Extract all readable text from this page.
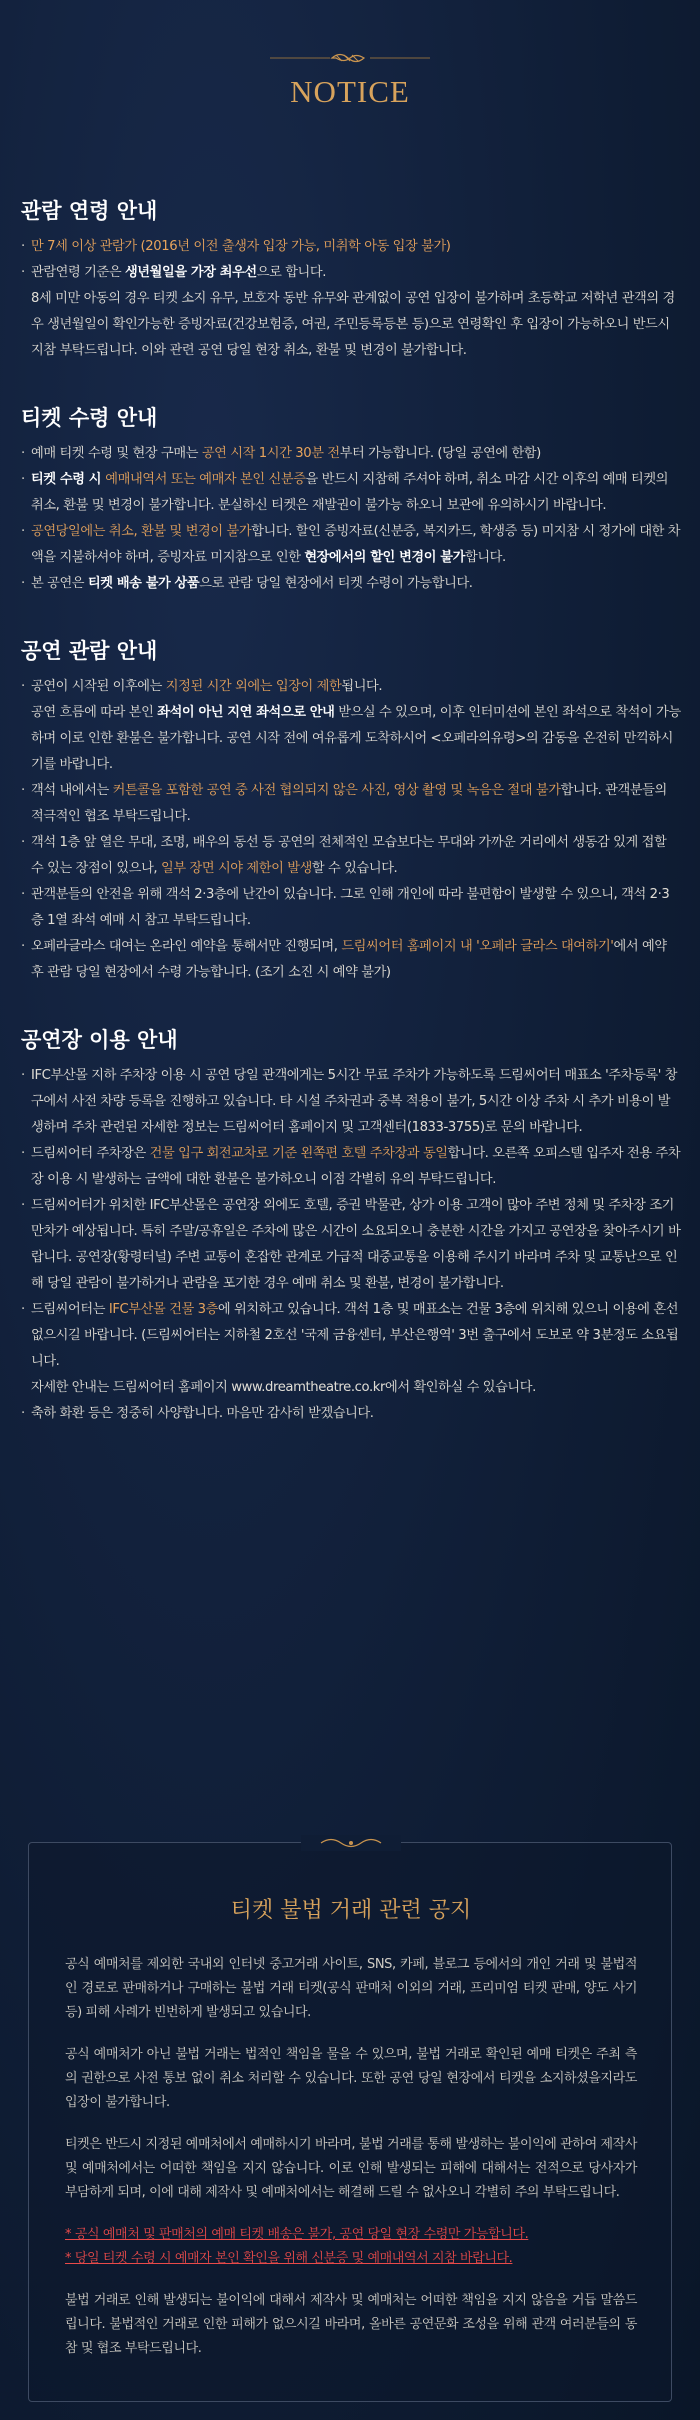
NOTICE
관람 연령 안내
· 만 7세 이상 관람가 (2016년 이전 출생자 입장 가능, 미취학 아동 입장 불가)
· 관람연령 기준은 생년월일을 가장 최우선으로 합니다.
8세 미만 아동의 경우 티켓 소지 유무, 보호자 동반 유무와 관계없이 공연 입장이 불가하며 초등학교 저학년 관객의 경우 생년월일이 확인가능한 증빙자료(건강보험증, 여권, 주민등록등본 등)으로 연령확인 후 입장이 가능하오니 반드시 지참 부탁드립니다. 이와 관련 공연 당일 현장 취소, 환불 및 변경이 불가합니다.
티켓 수령 안내
· 예매 티켓 수령 및 현장 구매는 공연 시작 1시간 30분 전부터 가능합니다. (당일 공연에 한함)
· 티켓 수령 시 예매내역서 또는 예매자 본인 신분증을 반드시 지참해 주셔야 하며, 취소 마감 시간 이후의 예매 티켓의 취소, 환불 및 변경이 불가합니다. 분실하신 티켓은 재발권이 불가능 하오니 보관에 유의하시기 바랍니다.
· 공연당일에는 취소, 환불 및 변경이 불가합니다. 할인 증빙자료(신분증, 복지카드, 학생증 등) 미지참 시 정가에 대한 차액을 지불하셔야 하며, 증빙자료 미지참으로 인한 현장에서의 할인 변경이 불가합니다.
· 본 공연은 티켓 배송 불가 상품으로 관람 당일 현장에서 티켓 수령이 가능합니다.
공연 관람 안내
· 공연이 시작된 이후에는 지정된 시간 외에는 입장이 제한됩니다.
공연 흐름에 따라 본인 좌석이 아닌 지연 좌석으로 안내 받으실 수 있으며, 이후 인터미션에 본인 좌석으로 착석이 가능하며 이로 인한 환불은 불가합니다. 공연 시작 전에 여유롭게 도착하시어 <오페라의유령>의 감동을 온전히 만끽하시기를 바랍니다.
· 객석 내에서는 커튼콜을 포함한 공연 중 사전 협의되지 않은 사진, 영상 촬영 및 녹음은 절대 불가합니다. 관객분들의 적극적인 협조 부탁드립니다.
· 객석 1층 앞 열은 무대, 조명, 배우의 동선 등 공연의 전체적인 모습보다는 무대와 가까운 거리에서 생동감 있게 접할 수 있는 장점이 있으나, 일부 장면 시야 제한이 발생할 수 있습니다.
· 관객분들의 안전을 위해 객석 2·3층에 난간이 있습니다. 그로 인해 개인에 따라 불편함이 발생할 수 있으니, 객석 2·3층 1열 좌석 예매 시 참고 부탁드립니다.
· 오페라글라스 대여는 온라인 예약을 통해서만 진행되며, 드림씨어터 홈페이지 내 '오페라 글라스 대여하기'에서 예약 후 관람 당일 현장에서 수령 가능합니다. (조기 소진 시 예약 불가)
공연장 이용 안내
· IFC부산몰 지하 주차장 이용 시 공연 당일 관객에게는 5시간 무료 주차가 가능하도록 드림씨어터 매표소 '주차등록' 창구에서 사전 차량 등록을 진행하고 있습니다. 타 시설 주차권과 중복 적용이 불가, 5시간 이상 주차 시 추가 비용이 발생하며 주차 관련된 자세한 정보는 드림씨어터 홈페이지 및 고객센터(1833-3755)로 문의 바랍니다.
· 드림씨어터 주차장은 건물 입구 회전교차로 기준 왼쪽편 호텔 주차장과 동일합니다. 오른쪽 오피스텔 입주자 전용 주차장 이용 시 발생하는 금액에 대한 환불은 불가하오니 이점 각별히 유의 부탁드립니다.
· 드림씨어터가 위치한 IFC부산몰은 공연장 외에도 호텔, 증권 박물관, 상가 이용 고객이 많아 주변 정체 및 주차장 조기 만차가 예상됩니다. 특히 주말/공휴일은 주차에 많은 시간이 소요되오니 충분한 시간을 가지고 공연장을 찾아주시기 바랍니다. 공연장(황령터널) 주변 교통이 혼잡한 관계로 가급적 대중교통을 이용해 주시기 바라며 주차 및 교통난으로 인해 당일 관람이 불가하거나 관람을 포기한 경우 예매 취소 및 환불, 변경이 불가합니다.
· 드림씨어터는 IFC부산몰 건물 3층에 위치하고 있습니다. 객석 1층 및 매표소는 건물 3층에 위치해 있으니 이용에 혼선 없으시길 바랍니다. (드림씨어터는 지하철 2호선 '국제 금융센터, 부산은행역' 3번 출구에서 도보로 약 3분정도 소요됩니다.
자세한 안내는 드림씨어터 홈페이지 www.dreamtheatre.co.kr에서 확인하실 수 있습니다.
· 축하 화환 등은 정중히 사양합니다. 마음만 감사히 받겠습니다.
티켓 불법 거래 관련 공지

공식 예매처를 제외한 국내외 인터넷 중고거래 사이트, SNS, 카페, 블로그 등에서의 개인 거래 및 불법적인 경로로 판매하거나 구매하는 불법 거래 티켓(공식 판매처 이외의 거래, 프리미엄 티켓 판매, 양도 사기 등) 피해 사례가 빈번하게 발생되고 있습니다.

공식 예매처가 아닌 불법 거래는 법적인 책임을 물을 수 있으며, 불법 거래로 확인된 예매 티켓은 주최 측의 권한으로 사전 통보 없이 취소 처리할 수 있습니다. 또한 공연 당일 현장에서 티켓을 소지하셨을지라도 입장이 불가합니다.

티켓은 반드시 지정된 예매처에서 예매하시기 바라며, 불법 거래를 통해 발생하는 불이익에 관하여 제작사 및 예매처에서는 어떠한 책임을 지지 않습니다. 이로 인해 발생되는 피해에 대해서는 전적으로 당사자가 부담하게 되며, 이에 대해 제작사 및 예매처에서는 해결해 드릴 수 없사오니 각별히 주의 부탁드립니다.

* 공식 예매처 및 판매처의 예매 티켓 배송은 불가, 공연 당일 현장 수령만 가능합니다.
* 당일 티켓 수령 시 예매자 본인 확인을 위해 신분증 및 예매내역서 지참 바랍니다.

불법 거래로 인해 발생되는 불이익에 대해서 제작사 및 예매처는 어떠한 책임을 지지 않음을 거듭 말씀드립니다. 불법적인 거래로 인한 피해가 없으시길 바라며, 올바른 공연문화 조성을 위해 관객 여러분들의 동참 및 협조 부탁드립니다.
